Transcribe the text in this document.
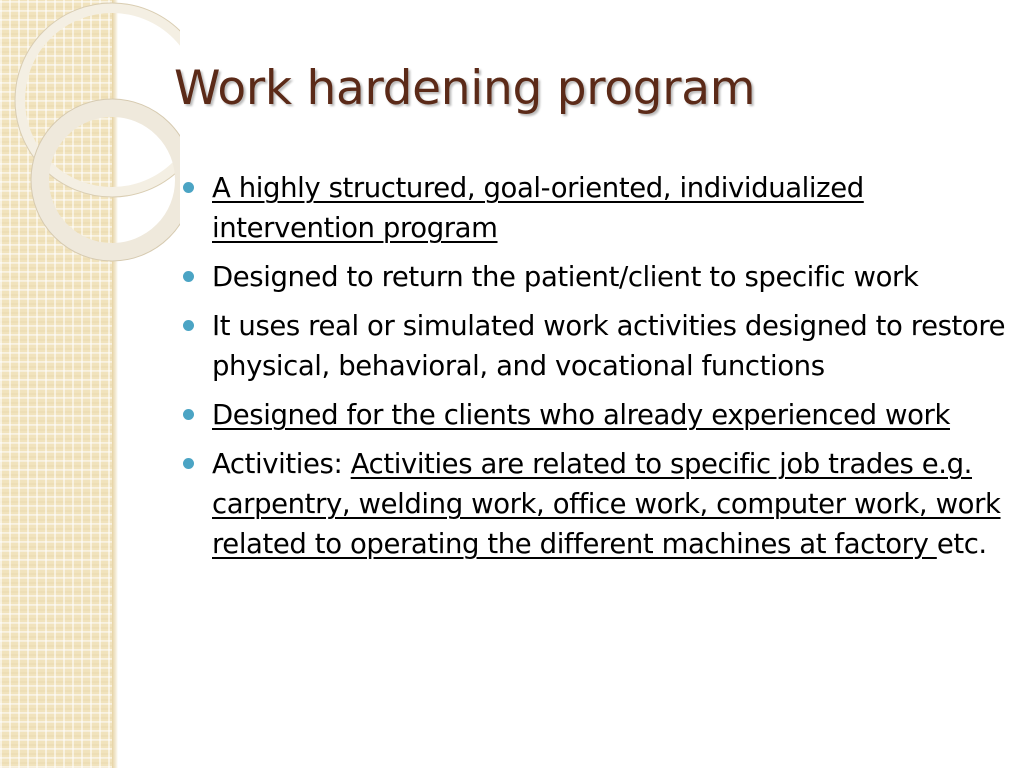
Work hardening program
A highly structured, goal-oriented, individualized intervention program
Designed to return the patient/client to specific work
It uses real or simulated work activities designed to restore physical, behavioral, and vocational functions
Designed for the clients who already experienced work
Activities: Activities are related to specific job trades e.g. carpentry, welding work, office work, computer work, work related to operating the different machines at factory etc.
